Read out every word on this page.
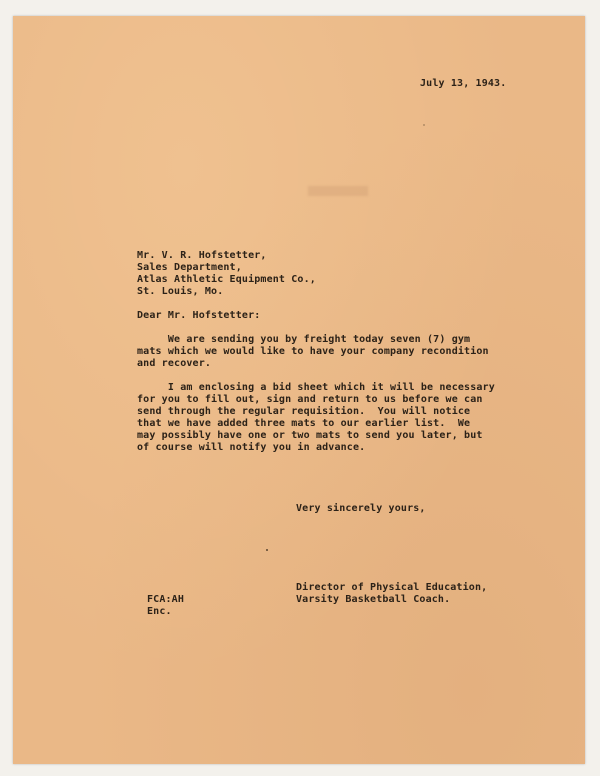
July 13, 1943.

Mr. V. R. Hofstetter,

Sales Department,

Atlas Athletic Equipment Co.,

St. Louis, Mo.

Dear Mr. Hofstetter:

We are sending you by freight today seven (7) gym

mats which we would like to have your company recondition

and recover.

I am enclosing a bid sheet which it will be necessary

for you to fill out, sign and return to us before we can

send through the regular requisition.  You will notice

that we have added three mats to our earlier list.  We

may possibly have one or two mats to send you later, but

of course will notify you in advance.

Very sincerely yours,

Director of Physical Education,

Varsity Basketball Coach.

FCA:AH

Enc.
